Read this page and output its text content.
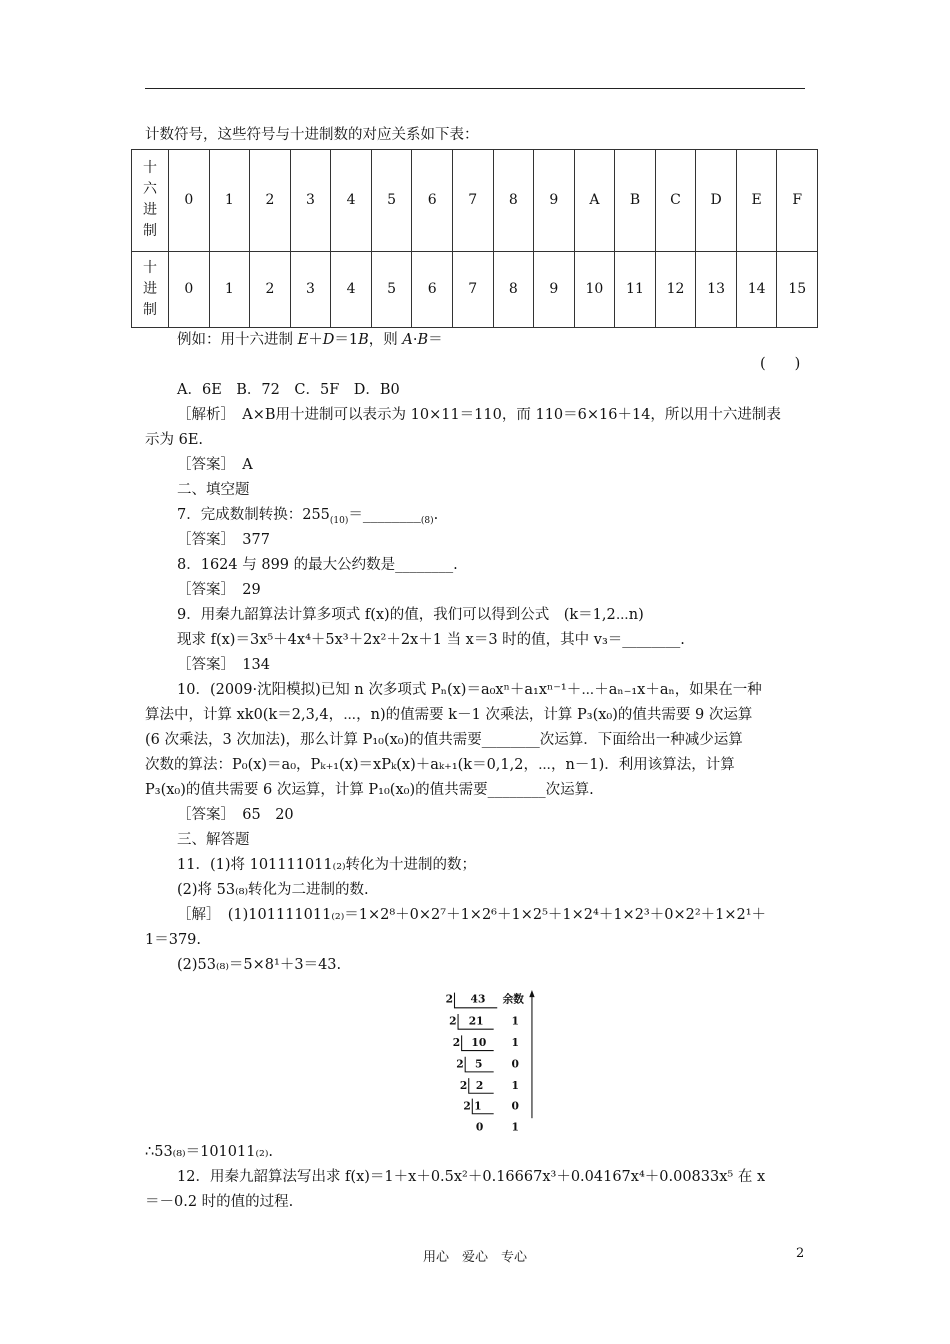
计数符号，这些符号与十进制数的对应关系如下表：
十
六
进
制	0	1	2	3	4	5	6	7	8	9	A	B	C	D	E	F
十
进
制	0	1	2	3	4	5	6	7	8	9	10	11	12	13	14	15
例如：用十六进制 E＋D＝1B，则 A·B＝
(　　)
A．6E　B．72　C．5F　D．B0
［解析］　A×B用十进制可以表示为 10×11＝110，而 110＝6×16＋14，所以用十六进制表
示为 6E.
［答案］　A
二、填空题
7．完成数制转换：$255_{(10)}=\_\_\_\_\_\_\_\__{(8)}$.
［答案］　377
8．1624 与 899 的最大公约数是________.
［答案］　29
9．用秦九韶算法计算多项式 f(x)的值，我们可以得到公式　(k＝1,2⋯n)
现求 f(x)＝3x⁵＋4x⁴＋5x³＋2x²＋2x＋1 当 x＝3 时的值，其中 v₃＝________.
［答案］　134
10．(2009·沈阳模拟)已知 n 次多项式 Pₙ(x)＝a₀xⁿ＋a₁xⁿ⁻¹＋⋯＋aₙ₋₁x＋aₙ，如果在一种
算法中，计算 xk0(k＝2,3,4，⋯，n)的值需要 k－1 次乘法，计算 P₃(x₀)的值共需要 9 次运算
(6 次乘法，3 次加法)，那么计算 P₁₀(x₀)的值共需要________次运算．下面给出一种减少运算
次数的算法：P₀(x)＝a₀，Pₖ₊₁(x)＝xPₖ(x)＋aₖ₊₁(k＝0,1,2，⋯，n－1)．利用该算法，计算
P₃(x₀)的值共需要 6 次运算，计算 P₁₀(x₀)的值共需要________次运算.
［答案］　65　20
三、解答题
11．(1)将 101111011₍₂₎转化为十进制的数；
(2)将 53₍₈₎转化为二进制的数.
［解］　(1)101111011₍₂₎＝1×2⁸＋0×2⁷＋1×2⁶＋1×2⁵＋1×2⁴＋1×2³＋0×2²＋1×2¹＋
1＝379.
(2)53₍₈₎＝5×8¹＋3＝43.
2
2
2
2
2
2
43
21
10
5
2
1
0
余数
1
1
0
1
0
1
∴53₍₈₎＝101011₍₂₎.
12．用秦九韶算法写出求 f(x)＝1＋x＋0.5x²＋0.16667x³＋0.04167x⁴＋0.00833x⁵ 在 x
＝－0.2 时的值的过程.
用心　爱心　专心	2
